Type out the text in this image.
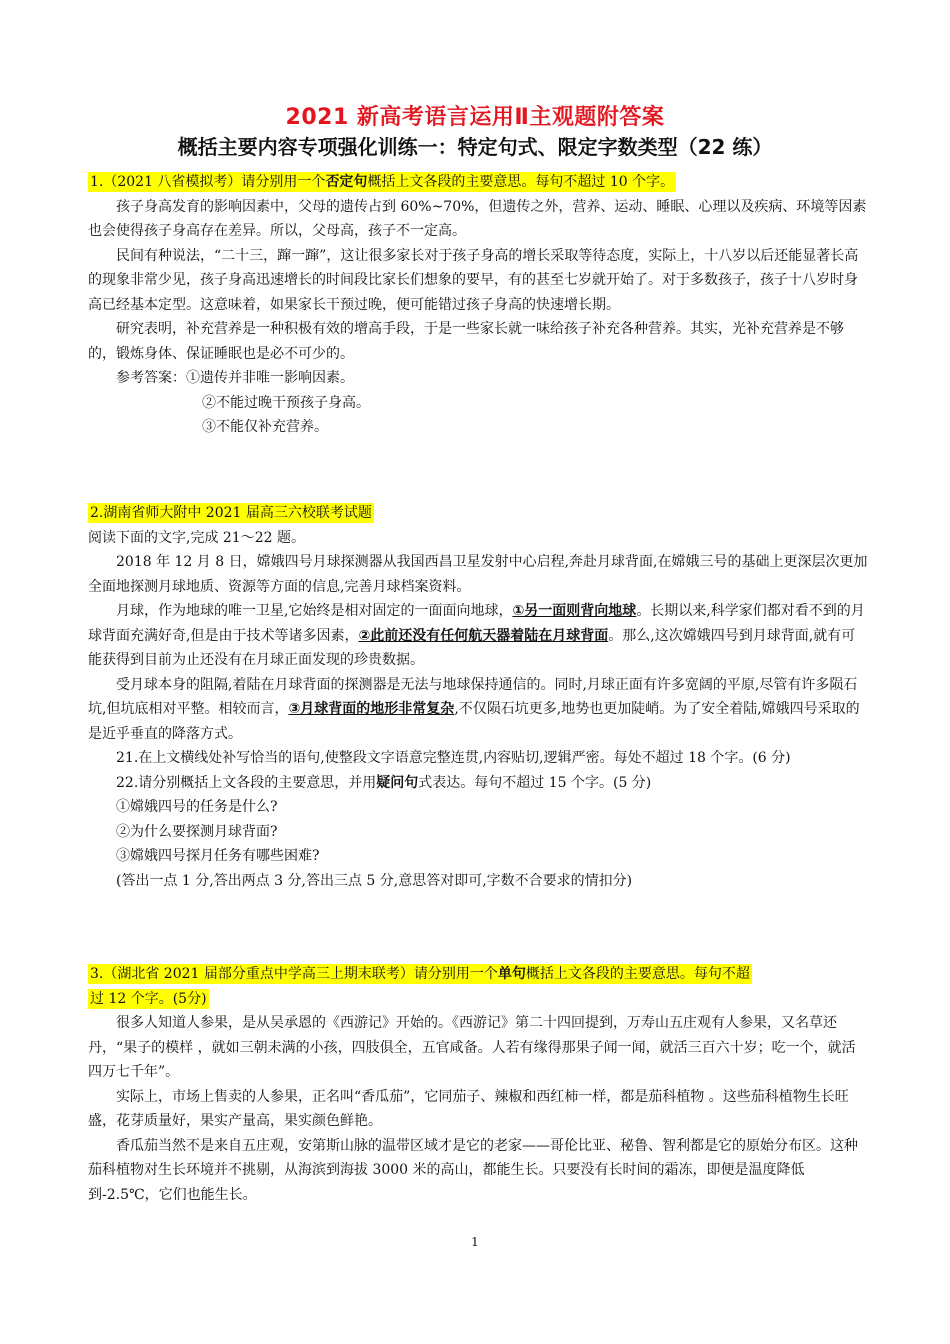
2021 新高考语言运用Ⅱ主观题附答案
概括主要内容专项强化训练一：特定句式、限定字数类型（22 练）
1.（2021 八省模拟考）请分别用一个否定句概括上文各段的主要意思。每句不超过 10 个字。

孩子身高发育的影响因素中，父母的遗传占到 60%~70%，但遗传之外，营养、运动、睡眠、心理以及疾病、环境等因素也会使得孩子身高存在差异。所以，父母高，孩子不一定高。

民间有种说法，“二十三，蹿一蹿”，这让很多家长对于孩子身高的增长采取等待态度，实际上，十八岁以后还能显著长高的现象非常少见，孩子身高迅速增长的时间段比家长们想象的要早，有的甚至七岁就开始了。对于多数孩子，孩子十八岁时身高已经基本定型。这意味着，如果家长干预过晚，便可能错过孩子身高的快速增长期。

研究表明，补充营养是一种积极有效的增高手段，于是一些家长就一味给孩子补充各种营养。其实，光补充营养是不够的，锻炼身体、保证睡眠也是必不可少的。

参考答案：①遗传并非唯一影响因素。

②不能过晚干预孩子身高。

③不能仅补充营养。

2.湖南省师大附中 2021 届高三六校联考试题

阅读下面的文字,完成 21～22 题。

2018 年 12 月 8 日，嫦娥四号月球探测器从我国西昌卫星发射中心启程,奔赴月球背面,在嫦娥三号的基础上更深层次更加全面地探测月球地质、资源等方面的信息,完善月球档案资料。

月球，作为地球的唯一卫星,它始终是相对固定的一面面向地球，①另一面则背向地球。长期以来,科学家们都对看不到的月球背面充满好奇,但是由于技术等诸多因素，②此前还没有任何航天器着陆在月球背面。那么,这次嫦娥四号到月球背面,就有可能获得到目前为止还没有在月球正面发现的珍贵数据。

受月球本身的阻隔,着陆在月球背面的探测器是无法与地球保持通信的。同时,月球正面有许多宽阔的平原,尽管有许多陨石坑,但坑底相对平整。相较而言，③月球背面的地形非常复杂,不仅陨石坑更多,地势也更加陡峭。为了安全着陆,嫦娥四号采取的是近乎垂直的降落方式。

21.在上文横线处补写恰当的语句,使整段文字语意完整连贯,内容贴切,逻辑严密。每处不超过 18 个字。(6 分)

22.请分别概括上文各段的主要意思，并用疑问句式表达。每句不超过 15 个字。(5 分)

①嫦娥四号的任务是什么?

②为什么要探测月球背面?

③嫦娥四号探月任务有哪些困难?

(答出一点 1 分,答出两点 3 分,答出三点 5 分,意思答对即可,字数不合要求的情扣分)

3.（湖北省 2021 届部分重点中学高三上期末联考）请分别用一个单句概括上文各段的主要意思。每句不超
过 12 个字。(5分)

很多人知道人参果，是从吴承恩的《西游记》开始的。《西游记》第二十四回提到，万寿山五庄观有人参果，又名草还丹，“果子的模样 ，就如三朝未满的小孩，四肢俱全，五官咸备。人若有缘得那果子闻一闻，就活三百六十岁；吃一个，就活四万七千年”。

实际上，市场上售卖的人参果，正名叫“香瓜茄”，它同茄子、辣椒和西红柿一样，都是茄科植物 。这些茄科植物生长旺盛，花芽质量好，果实产量高，果实颜色鲜艳。

香瓜茄当然不是来自五庄观，安第斯山脉的温带区域才是它的老家——哥伦比亚、秘鲁、智利都是它的原始分布区。这种茄科植物对生长环境并不挑剔，从海滨到海拔 3000 米的高山，都能生长。只要没有长时间的霜冻，即便是温度降低到-2.5℃，它们也能生长。

1
